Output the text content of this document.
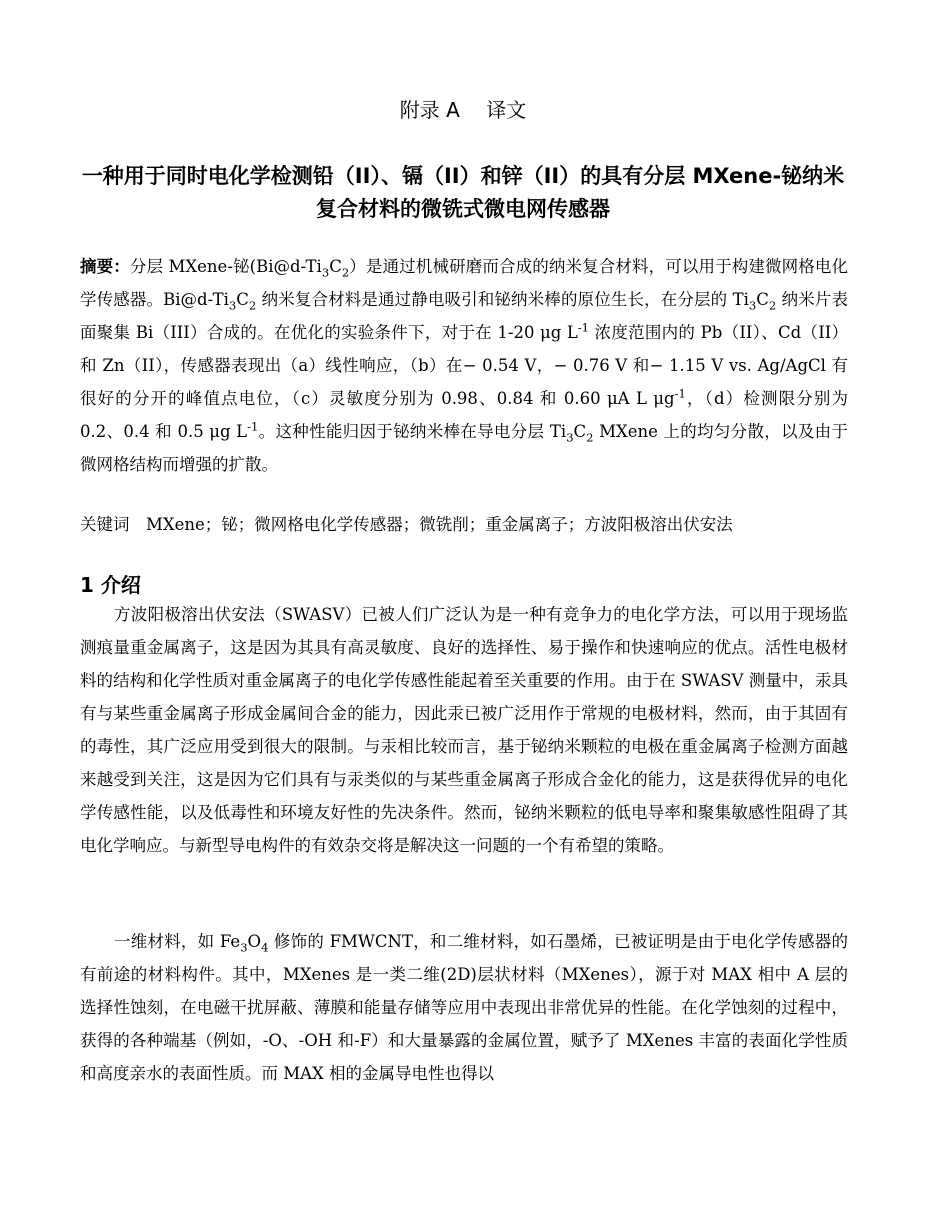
附录 A　 译文
一种用于同时电化学检测铅（II）、镉（II）和锌（II）的具有分层 MXene-铋纳米复合材料的微铣式微电网传感器
摘要：分层 MXene-铋$(Bi@d-Ti_3C_2)$是通过机械研磨而合成的纳米复合材料，可以用于构建微网格电化学传感器。$Bi@d-Ti_3C_2$ 纳米复合材料是通过静电吸引和铋纳米棒的原位生长，在分层的 $Ti_3C_2$ 纳米片表面聚集 Bi（III）合成的。在优化的实验条件下，对于在 1-20 μg $L^{-1}$ 浓度范围内的 Pb（II）、Cd（II）和 Zn（II），传感器表现出（a）线性响应，（b）在− 0.54 V，− 0.76 V 和− 1.15 V vs. Ag/AgCl 有很好的分开的峰值点电位，（c）灵敏度分别为 0.98、0.84 和 0.60 μA L $\mu g^{-1}$，（d）检测限分别为 0.2、0.4 和 0.5 μg $L^{-1}$。这种性能归因于铋纳米棒在导电分层 $Ti_3C_2$ MXene 上的均匀分散，以及由于微网格结构而增强的扩散。
关键词　MXene；铋；微网格电化学传感器；微铣削；重金属离子；方波阳极溶出伏安法
1 介绍
方波阳极溶出伏安法（SWASV）已被人们广泛认为是一种有竞争力的电化学方法，可以用于现场监测痕量重金属离子，这是因为其具有高灵敏度、良好的选择性、易于操作和快速响应的优点。活性电极材料的结构和化学性质对重金属离子的电化学传感性能起着至关重要的作用。由于在 SWASV 测量中，汞具有与某些重金属离子形成金属间合金的能力，因此汞已被广泛用作于常规的电极材料，然而，由于其固有的毒性，其广泛应用受到很大的限制。与汞相比较而言，基于铋纳米颗粒的电极在重金属离子检测方面越来越受到关注，这是因为它们具有与汞类似的与某些重金属离子形成合金化的能力，这是获得优异的电化学传感性能，以及低毒性和环境友好性的先决条件。然而，铋纳米颗粒的低电导率和聚集敏感性阻碍了其电化学响应。与新型导电构件的有效杂交将是解决这一问题的一个有希望的策略。
一维材料，如 $Fe_3O_4$ 修饰的 FMWCNT，和二维材料，如石墨烯，已被证明是由于电化学传感器的有前途的材料构件。其中，MXenes 是一类二维(2D)层状材料（MXenes），源于对 MAX 相中 A 层的选择性蚀刻，在电磁干扰屏蔽、薄膜和能量存储等应用中表现出非常优异的性能。在化学蚀刻的过程中，获得的各种端基（例如，-O、-OH 和-F）和大量暴露的金属位置，赋予了 MXenes 丰富的表面化学性质和高度亲水的表面性质。而 MAX 相的金属导电性也得以
